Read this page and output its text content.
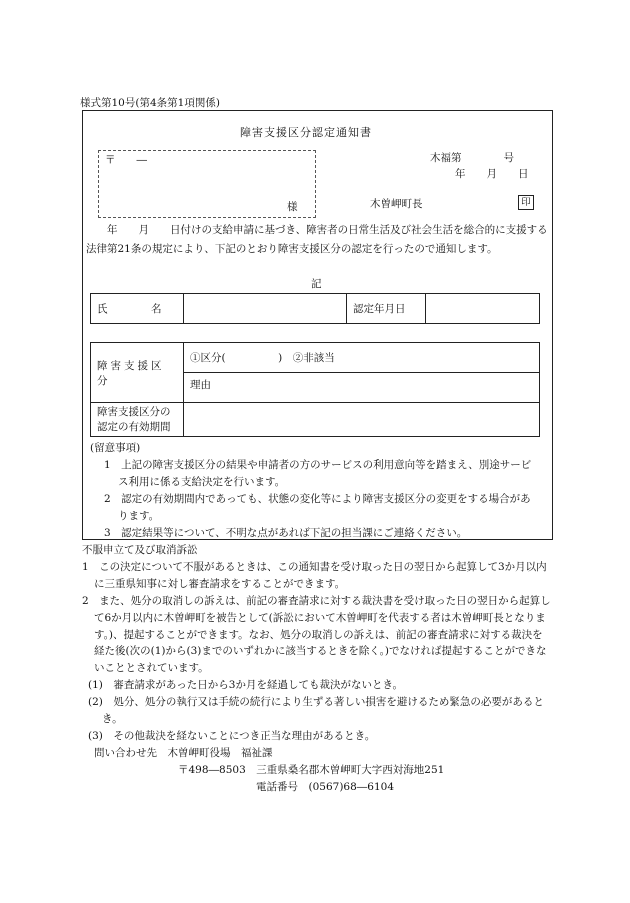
様式第10号(第4条第1項関係)
障害支援区分認定通知書
〒　　―
様
木福第　　　　号
年　　月　　日
木曽岬町長	印
　　年　　月　　日付けの支給申請に基づき、障害者の日常生活及び社会生活を総合的に支援する法律第21条の規定により、下記のとおり障害支援区分の認定を行ったので通知します。
記
氏　　　名		認定年月日	
障害支援区分	①区分(　　　　　)　②非該当
	理由

障害支援区分の
認定の有効期間	

(留意事項)
1　上記の障害支援区分の結果や申請者の方のサービスの利用意向等を踏まえ、別途サービス利用に係る支給決定を行います。
2　認定の有効期間内であっても、状態の変化等により障害支援区分の変更をする場合があります。
3　認定結果等について、不明な点があれば下記の担当課にご連絡ください。

不服申立て及び取消訴訟

1　この決定について不服があるときは、この通知書を受け取った日の翌日から起算して3か月以内に三重県知事に対し審査請求をすることができます。

2　また、処分の取消しの訴えは、前記の審査請求に対する裁決書を受け取った日の翌日から起算して6か月以内に木曽岬町を被告として(訴訟において木曽岬町を代表する者は木曽岬町長となります。)、提起することができます。なお、処分の取消しの訴えは、前記の審査請求に対する裁決を経た後(次の(1)から(3)までのいずれかに該当するときを除く。)でなければ提起することができないこととされています。

(1)　審査請求があった日から3か月を経過しても裁決がないとき。

(2)　処分、処分の執行又は手続の続行により生ずる著しい損害を避けるため緊急の必要があるとき。

(3)　その他裁決を経ないことにつき正当な理由があるとき。

問い合わせ先　木曽岬町役場　福祉課

〒498―8503　三重県桑名郡木曽岬町大字西対海地251

電話番号　(0567)68―6104
